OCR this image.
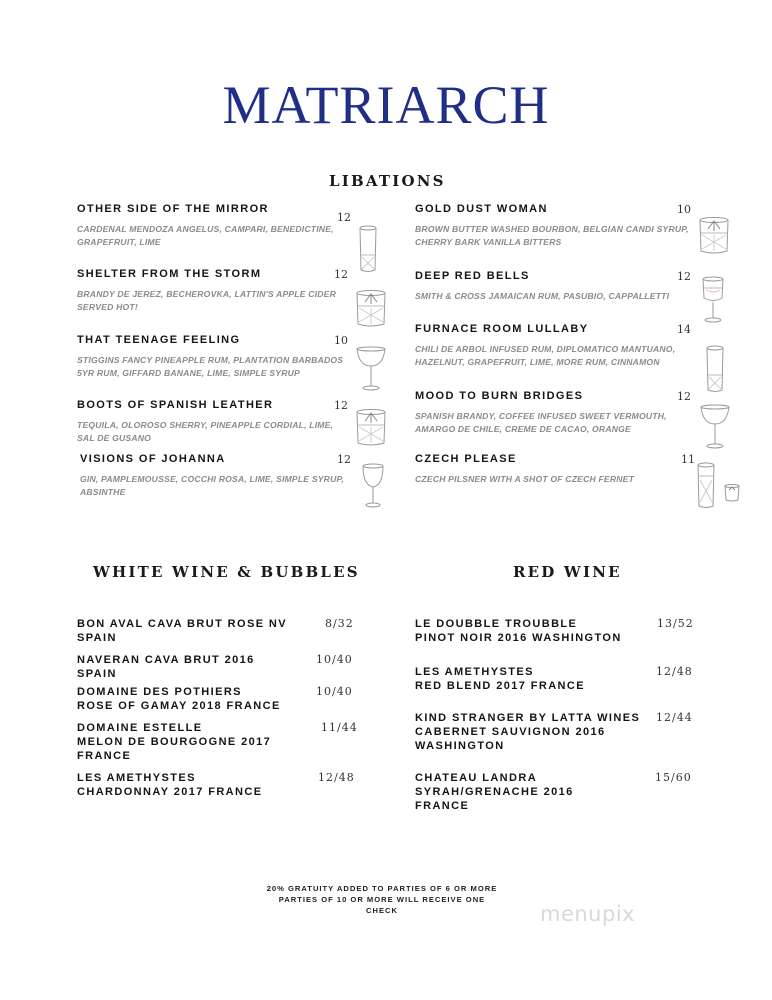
MATRIARCH
LIBATIONS
OTHER SIDE OF THE MIRROR
12
CARDENAL MENDOZA ANGELUS, CAMPARI, BENEDICTINE, GRAPEFRUIT, LIME
SHELTER FROM THE STORM	12
BRANDY DE JEREZ, BECHEROVKA, LATTIN'S APPLE CIDER SERVED HOT!
THAT TEENAGE FEELING	10
STIGGINS FANCY PINEAPPLE RUM, PLANTATION BARBADOS 5YR RUM, GIFFARD BANANE, LIME, SIMPLE SYRUP
BOOTS OF SPANISH LEATHER	12
TEQUILA, OLOROSO SHERRY, PINEAPPLE CORDIAL, LIME, SAL DE GUSANO
VISIONS OF JOHANNA	12
GIN, PAMPLEMOUSSE, COCCHI ROSA, LIME, SIMPLE SYRUP, ABSINTHE
GOLD DUST WOMAN	10
BROWN BUTTER WASHED BOURBON, BELGIAN CANDI SYRUP, CHERRY BARK VANILLA BITTERS
DEEP RED BELLS	12
SMITH & CROSS JAMAICAN RUM, PASUBIO, CAPPALLETTI
FURNACE ROOM LULLABY	14
CHILI DE ARBOL INFUSED RUM, DIPLOMATICO MANTUANO, HAZELNUT, GRAPEFRUIT, LIME, MORE RUM, CINNAMON
MOOD TO BURN BRIDGES	12
SPANISH BRANDY, COFFEE INFUSED SWEET VERMOUTH, AMARGO DE CHILE, CREME DE CACAO, ORANGE
CZECH PLEASE	11
CZECH PILSNER WITH A SHOT OF CZECH FERNET
WHITE WINE & BUBBLES	RED WINE
BON AVAL CAVA BRUT ROSE NV
SPAIN
8/32
NAVERAN CAVA BRUT 2016
SPAIN
10/40
DOMAINE DES POTHIERS
ROSE OF GAMAY 2018 FRANCE
10/40
DOMAINE ESTELLE
MELON DE BOURGOGNE 2017
FRANCE
11/44
LES AMETHYSTES
CHARDONNAY 2017 FRANCE
12/48
LE DOUBBLE TROUBBLE
PINOT NOIR 2016 WASHINGTON
13/52
LES AMETHYSTES
RED BLEND 2017 FRANCE
12/48
KIND STRANGER BY LATTA WINES
CABERNET SAUVIGNON 2016
WASHINGTON
12/44
CHATEAU LANDRA
SYRAH/GRENACHE 2016
FRANCE
15/60
20% GRATUITY ADDED TO PARTIES OF 6 OR MORE
PARTIES OF 10 OR MORE WILL RECEIVE ONE
CHECK	menupix
